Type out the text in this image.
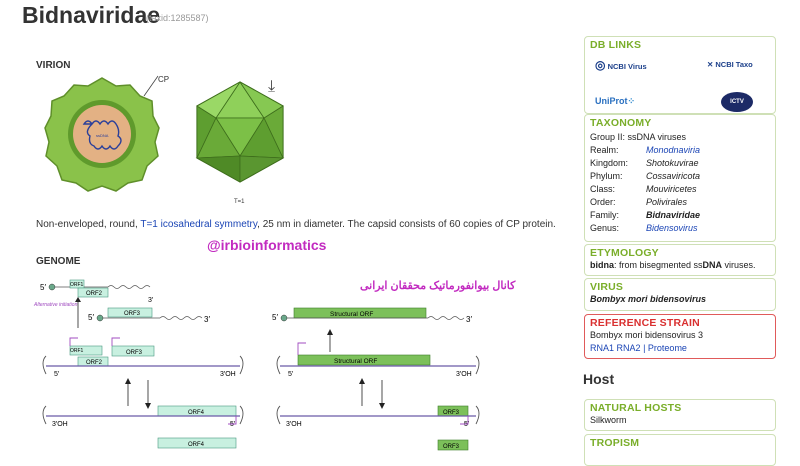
Bidnaviridae
(taxid:1285587)
VIRION
ssDNA
CP
T=1
⤓
Non-enveloped, round, T=1 icosahedral symmetry, 25 nm in diameter. The capsid consists of 60 copies of CP protein.
@irbioinformatics
GENOME
کانال بیوانفورماتیک محققان ایرانی
5′	ORF1
ORF2
3′
5′	ORF3
3′
Alternative initiation
ORF1
ORF2
ORF3
5′	3′OH
ORF4
3′OH	5′
ORF4
5′	Structural ORF
3′
Structural ORF
5′	3′OH
ORF3
3′OH	5′
ORF3
DB LINKS
◎ NCBI Virus	✕ NCBI Taxo
UniProt⁘	ICTV
TAXONOMY
Group II: ssDNA viruses
Realm:	Monodnaviria
Kingdom:	Shotokuvirae
Phylum:	Cossaviricota
Class:	Mouviricetes
Order:	Polivirales
Family:	Bidnaviridae
Genus:	Bidensovirus
ETYMOLOGY
bidna: from bisegmented ssDNA viruses.
VIRUS
Bombyx mori bidensovirus
REFERENCE STRAIN
Bombyx mori bidensovirus 3
RNA1 RNA2 | Proteome
Host
NATURAL HOSTS
Silkworm
TROPISM
